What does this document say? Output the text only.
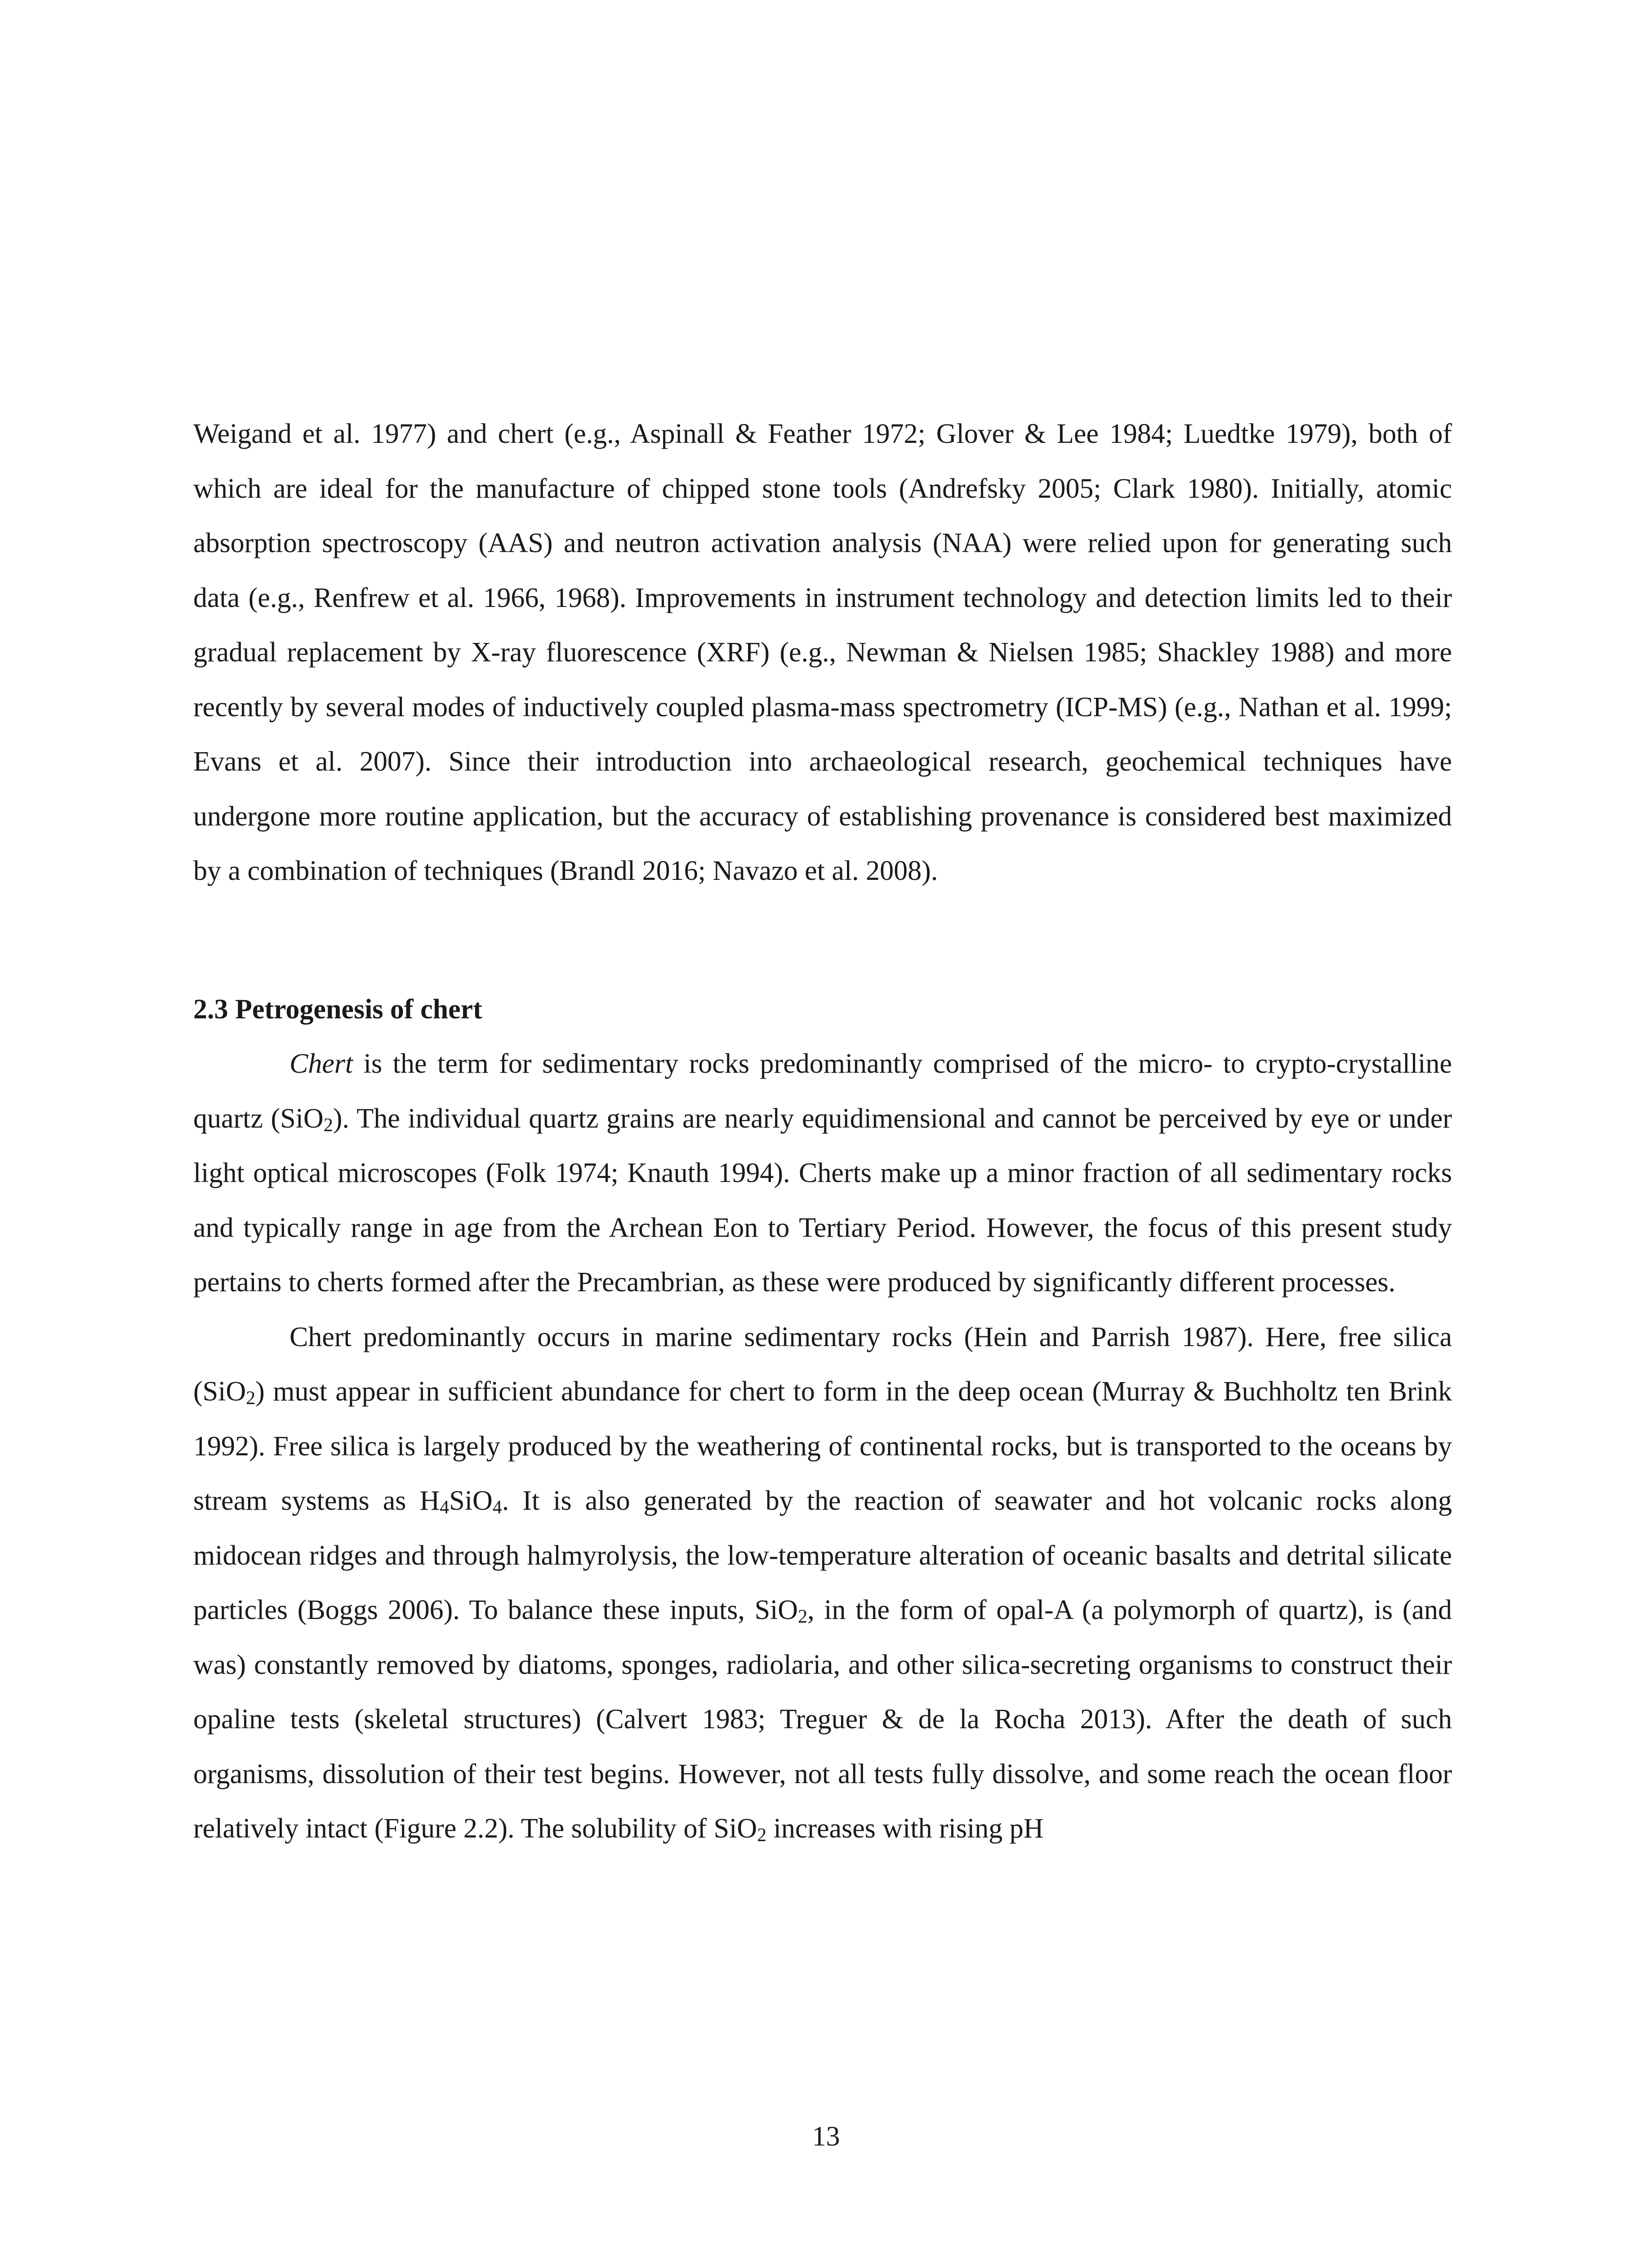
Weigand et al. 1977) and chert (e.g., Aspinall & Feather 1972; Glover & Lee 1984; Luedtke 1979), both of which are ideal for the manufacture of chipped stone tools (Andrefsky 2005; Clark 1980). Initially, atomic absorption spectroscopy (AAS) and neutron activation analysis (NAA) were relied upon for generating such data (e.g., Renfrew et al. 1966, 1968). Improvements in instrument technology and detection limits led to their gradual replacement by X-ray fluorescence (XRF) (e.g., Newman & Nielsen 1985; Shackley 1988) and more recently by several modes of inductively coupled plasma-mass spectrometry (ICP-MS) (e.g., Nathan et al. 1999; Evans et al. 2007). Since their introduction into archaeological research, geochemical techniques have undergone more routine application, but the accuracy of establishing provenance is considered best maximized by a combination of techniques (Brandl 2016; Navazo et al. 2008).

2.3 Petrogenesis of chert

Chert is the term for sedimentary rocks predominantly comprised of the micro- to crypto-crystalline quartz (SiO$_2$). The individual quartz grains are nearly equidimensional and cannot be perceived by eye or under light optical microscopes (Folk 1974; Knauth 1994). Cherts make up a minor fraction of all sedimentary rocks and typically range in age from the Archean Eon to Tertiary Period. However, the focus of this present study pertains to cherts formed after the Precambrian, as these were produced by significantly different processes.

Chert predominantly occurs in marine sedimentary rocks (Hein and Parrish 1987). Here, free silica (SiO$_2$) must appear in sufficient abundance for chert to form in the deep ocean (Murray & Buchholtz ten Brink 1992). Free silica is largely produced by the weathering of continental rocks, but is transported to the oceans by stream systems as $H_4SiO_4$. It is also generated by the reaction of seawater and hot volcanic rocks along midocean ridges and through halmyrolysis, the low-temperature alteration of oceanic basalts and detrital silicate particles (Boggs 2006). To balance these inputs, SiO$_2$, in the form of opal-A (a polymorph of quartz), is (and was) constantly removed by diatoms, sponges, radiolaria, and other silica-secreting organisms to construct their opaline tests (skeletal structures) (Calvert 1983; Treguer & de la Rocha 2013). After the death of such organisms, dissolution of their test begins. However, not all tests fully dissolve, and some reach the ocean floor relatively intact (Figure 2.2). The solubility of SiO$_2$ increases with rising pH

13
